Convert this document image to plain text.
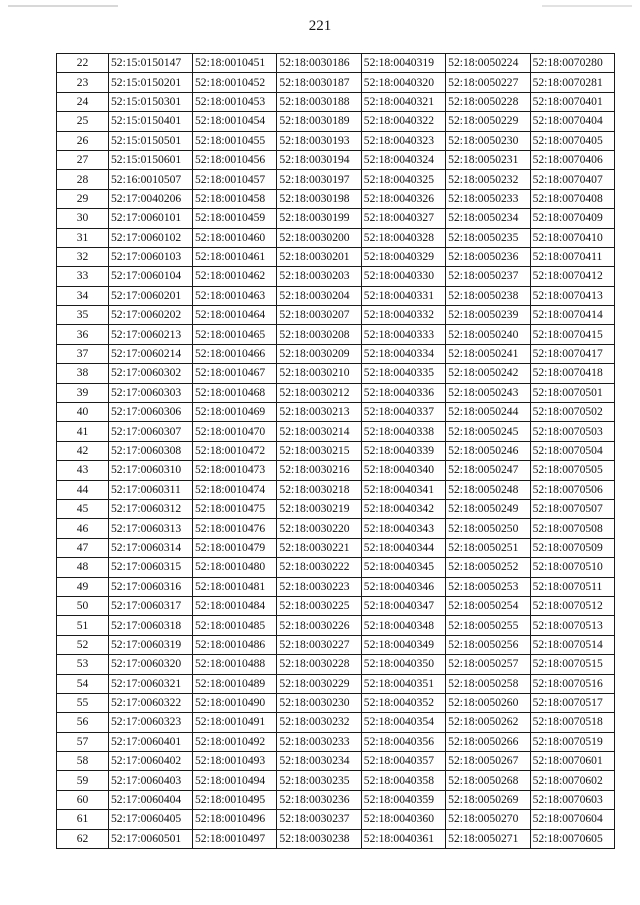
221
22	52:15:0150147	52:18:0010451	52:18:0030186	52:18:0040319	52:18:0050224	52:18:0070280
23	52:15:0150201	52:18:0010452	52:18:0030187	52:18:0040320	52:18:0050227	52:18:0070281
24	52:15:0150301	52:18:0010453	52:18:0030188	52:18:0040321	52:18:0050228	52:18:0070401
25	52:15:0150401	52:18:0010454	52:18:0030189	52:18:0040322	52:18:0050229	52:18:0070404
26	52:15:0150501	52:18:0010455	52:18:0030193	52:18:0040323	52:18:0050230	52:18:0070405
27	52:15:0150601	52:18:0010456	52:18:0030194	52:18:0040324	52:18:0050231	52:18:0070406
28	52:16:0010507	52:18:0010457	52:18:0030197	52:18:0040325	52:18:0050232	52:18:0070407
29	52:17:0040206	52:18:0010458	52:18:0030198	52:18:0040326	52:18:0050233	52:18:0070408
30	52:17:0060101	52:18:0010459	52:18:0030199	52:18:0040327	52:18:0050234	52:18:0070409
31	52:17:0060102	52:18:0010460	52:18:0030200	52:18:0040328	52:18:0050235	52:18:0070410
32	52:17:0060103	52:18:0010461	52:18:0030201	52:18:0040329	52:18:0050236	52:18:0070411
33	52:17:0060104	52:18:0010462	52:18:0030203	52:18:0040330	52:18:0050237	52:18:0070412
34	52:17:0060201	52:18:0010463	52:18:0030204	52:18:0040331	52:18:0050238	52:18:0070413
35	52:17:0060202	52:18:0010464	52:18:0030207	52:18:0040332	52:18:0050239	52:18:0070414
36	52:17:0060213	52:18:0010465	52:18:0030208	52:18:0040333	52:18:0050240	52:18:0070415
37	52:17:0060214	52:18:0010466	52:18:0030209	52:18:0040334	52:18:0050241	52:18:0070417
38	52:17:0060302	52:18:0010467	52:18:0030210	52:18:0040335	52:18:0050242	52:18:0070418
39	52:17:0060303	52:18:0010468	52:18:0030212	52:18:0040336	52:18:0050243	52:18:0070501
40	52:17:0060306	52:18:0010469	52:18:0030213	52:18:0040337	52:18:0050244	52:18:0070502
41	52:17:0060307	52:18:0010470	52:18:0030214	52:18:0040338	52:18:0050245	52:18:0070503
42	52:17:0060308	52:18:0010472	52:18:0030215	52:18:0040339	52:18:0050246	52:18:0070504
43	52:17:0060310	52:18:0010473	52:18:0030216	52:18:0040340	52:18:0050247	52:18:0070505
44	52:17:0060311	52:18:0010474	52:18:0030218	52:18:0040341	52:18:0050248	52:18:0070506
45	52:17:0060312	52:18:0010475	52:18:0030219	52:18:0040342	52:18:0050249	52:18:0070507
46	52:17:0060313	52:18:0010476	52:18:0030220	52:18:0040343	52:18:0050250	52:18:0070508
47	52:17:0060314	52:18:0010479	52:18:0030221	52:18:0040344	52:18:0050251	52:18:0070509
48	52:17:0060315	52:18:0010480	52:18:0030222	52:18:0040345	52:18:0050252	52:18:0070510
49	52:17:0060316	52:18:0010481	52:18:0030223	52:18:0040346	52:18:0050253	52:18:0070511
50	52:17:0060317	52:18:0010484	52:18:0030225	52:18:0040347	52:18:0050254	52:18:0070512
51	52:17:0060318	52:18:0010485	52:18:0030226	52:18:0040348	52:18:0050255	52:18:0070513
52	52:17:0060319	52:18:0010486	52:18:0030227	52:18:0040349	52:18:0050256	52:18:0070514
53	52:17:0060320	52:18:0010488	52:18:0030228	52:18:0040350	52:18:0050257	52:18:0070515
54	52:17:0060321	52:18:0010489	52:18:0030229	52:18:0040351	52:18:0050258	52:18:0070516
55	52:17:0060322	52:18:0010490	52:18:0030230	52:18:0040352	52:18:0050260	52:18:0070517
56	52:17:0060323	52:18:0010491	52:18:0030232	52:18:0040354	52:18:0050262	52:18:0070518
57	52:17:0060401	52:18:0010492	52:18:0030233	52:18:0040356	52:18:0050266	52:18:0070519
58	52:17:0060402	52:18:0010493	52:18:0030234	52:18:0040357	52:18:0050267	52:18:0070601
59	52:17:0060403	52:18:0010494	52:18:0030235	52:18:0040358	52:18:0050268	52:18:0070602
60	52:17:0060404	52:18:0010495	52:18:0030236	52:18:0040359	52:18:0050269	52:18:0070603
61	52:17:0060405	52:18:0010496	52:18:0030237	52:18:0040360	52:18:0050270	52:18:0070604
62	52:17:0060501	52:18:0010497	52:18:0030238	52:18:0040361	52:18:0050271	52:18:0070605
